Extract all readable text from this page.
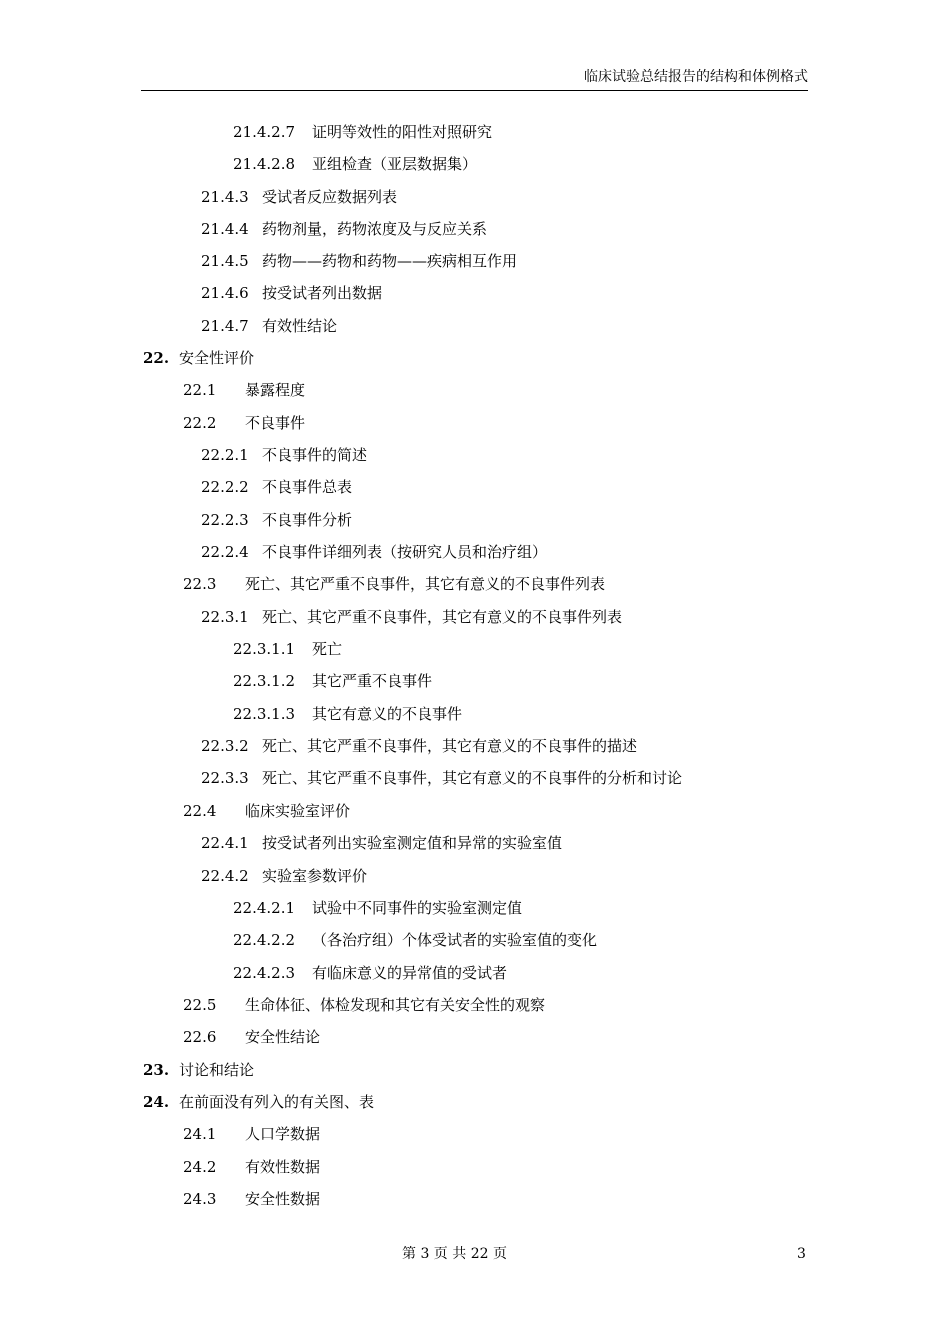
临床试验总结报告的结构和体例格式
21.4.2.7 证明等效性的阳性对照研究
21.4.2.8 亚组检查（亚层数据集）
21.4.3 受试者反应数据列表
21.4.4 药物剂量，药物浓度及与反应关系
21.4.5 药物——药物和药物——疾病相互作用
21.4.6 按受试者列出数据
21.4.7 有效性结论
22. 安全性评价
22.1 暴露程度
22.2 不良事件
22.2.1 不良事件的简述
22.2.2 不良事件总表
22.2.3 不良事件分析
22.2.4 不良事件详细列表（按研究人员和治疗组）
22.3 死亡、其它严重不良事件，其它有意义的不良事件列表
22.3.1 死亡、其它严重不良事件，其它有意义的不良事件列表
22.3.1.1 死亡
22.3.1.2 其它严重不良事件
22.3.1.3 其它有意义的不良事件
22.3.2 死亡、其它严重不良事件，其它有意义的不良事件的描述
22.3.3 死亡、其它严重不良事件，其它有意义的不良事件的分析和讨论
22.4 临床实验室评价
22.4.1 按受试者列出实验室测定值和异常的实验室值
22.4.2 实验室参数评价
22.4.2.1 试验中不同事件的实验室测定值
22.4.2.2 （各治疗组）个体受试者的实验室值的变化
22.4.2.3 有临床意义的异常值的受试者
22.5 生命体征、体检发现和其它有关安全性的观察
22.6 安全性结论
23. 讨论和结论
24. 在前面没有列入的有关图、表
24.1 人口学数据
24.2 有效性数据
24.3 安全性数据
第 3 页 共 22 页	3
